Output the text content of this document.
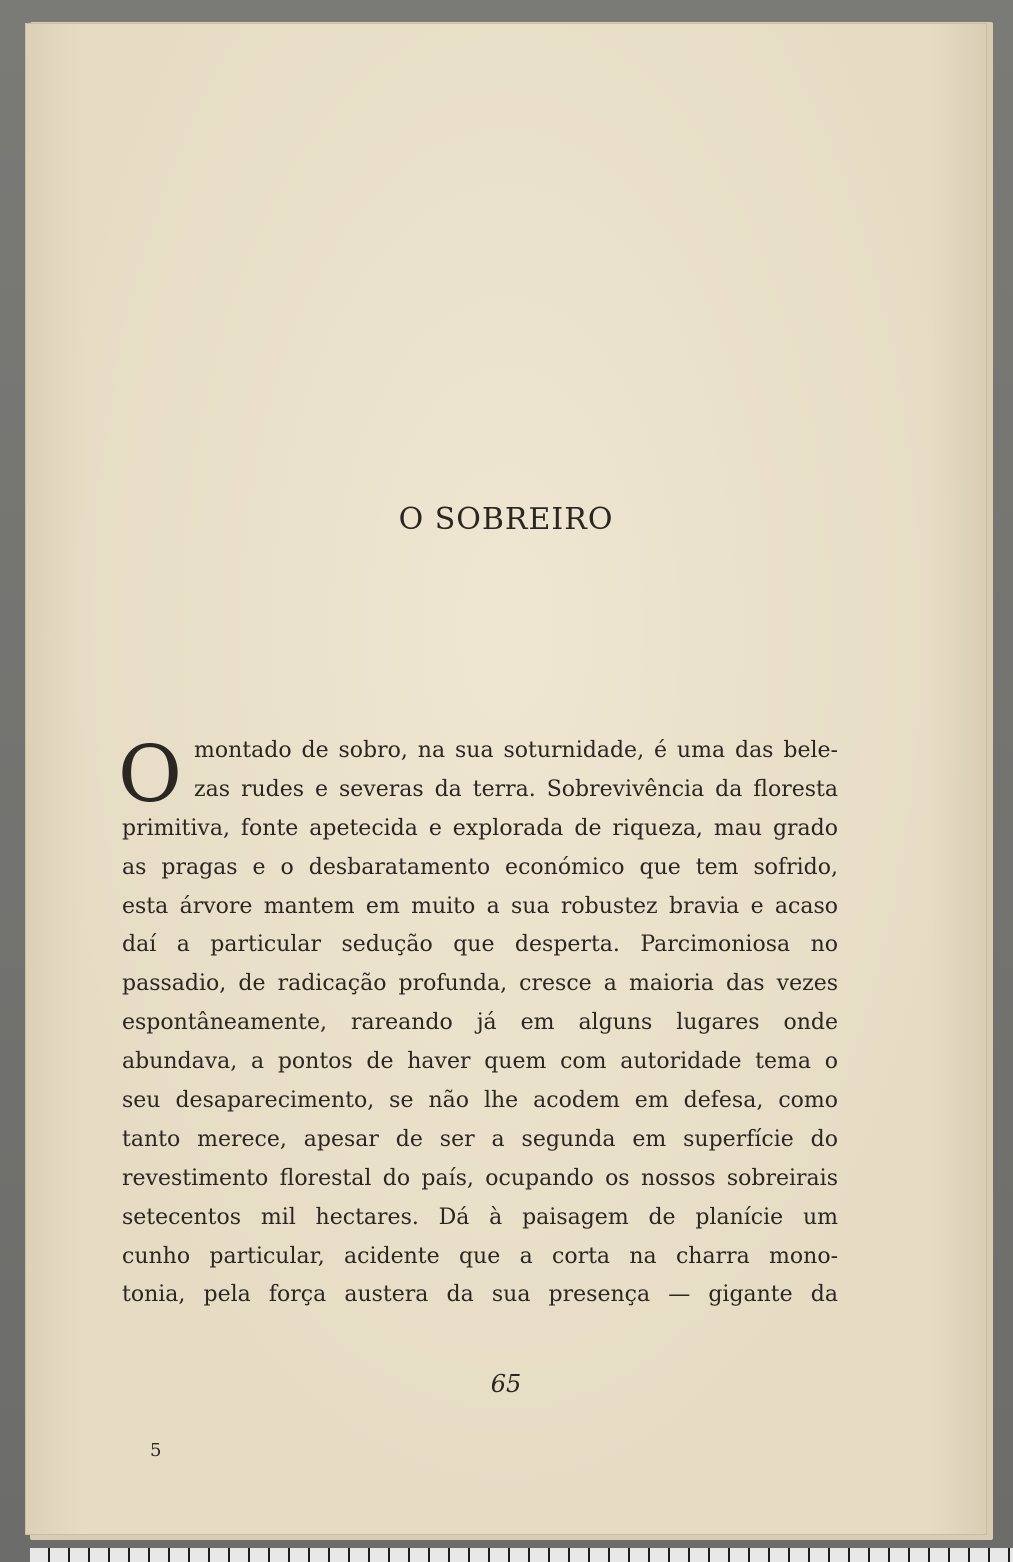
O SOBREIRO
O montado de sobro, na sua soturnidade, é uma das bele-
zas rudes e severas da terra. Sobrevivência da floresta
primitiva, fonte apetecida e explorada de riqueza, mau grado
as pragas e o desbaratamento económico que tem sofrido,
esta árvore mantem em muito a sua robustez bravia e acaso
daí a particular sedução que desperta. Parcimoniosa no
passadio, de radicação profunda, cresce a maioria das vezes
espontâneamente, rareando já em alguns lugares onde
abundava, a pontos de haver quem com autoridade tema o
seu desaparecimento, se não lhe acodem em defesa, como
tanto merece, apesar de ser a segunda em superfície do
revestimento florestal do país, ocupando os nossos sobreirais
setecentos mil hectares. Dá à paisagem de planície um
cunho particular, acidente que a corta na charra mono-
tonia, pela força austera da sua presença — gigante da
65
5
